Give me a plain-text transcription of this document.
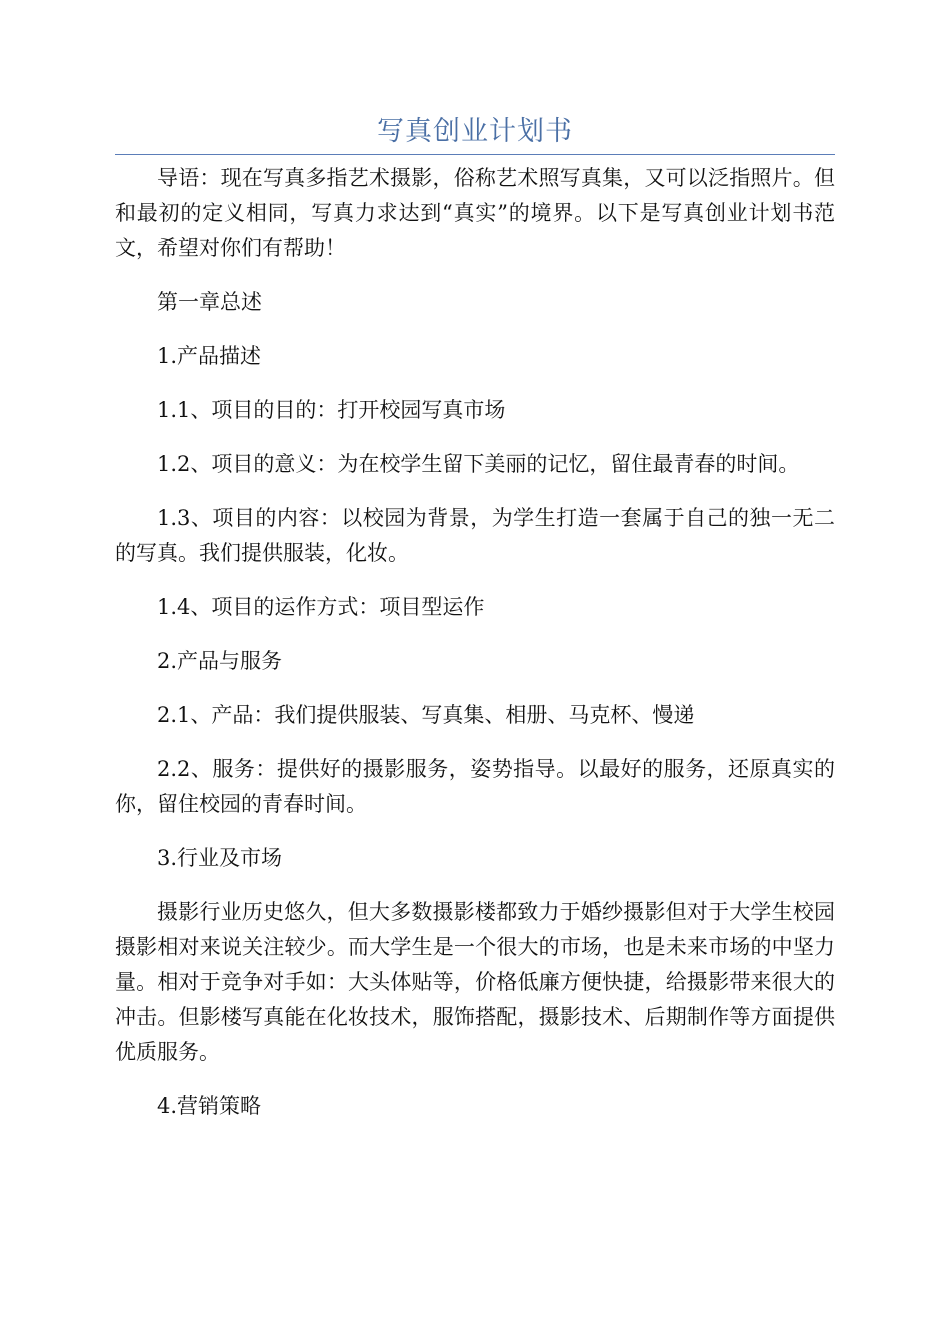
写真创业计划书

导语：现在写真多指艺术摄影，俗称艺术照写真集，又可以泛指照片。但和最初的定义相同，写真力求达到“真实”的境界。以下是写真创业计划书范文，希望对你们有帮助！

第一章总述

1.产品描述

1.1、项目的目的：打开校园写真市场

1.2、项目的意义：为在校学生留下美丽的记忆，留住最青春的时间。

1.3、项目的内容：以校园为背景，为学生打造一套属于自己的独一无二的写真。我们提供服装，化妆。

1.4、项目的运作方式：项目型运作

2.产品与服务

2.1、产品：我们提供服装、写真集、相册、马克杯、慢递

2.2、服务：提供好的摄影服务，姿势指导。以最好的服务，还原真实的你，留住校园的青春时间。

3.行业及市场

摄影行业历史悠久，但大多数摄影楼都致力于婚纱摄影但对于大学生校园摄影相对来说关注较少。而大学生是一个很大的市场，也是未来市场的中坚力量。相对于竞争对手如：大头体贴等，价格低廉方便快捷，给摄影带来很大的冲击。但影楼写真能在化妆技术，服饰搭配，摄影技术、后期制作等方面提供优质服务。

4.营销策略
